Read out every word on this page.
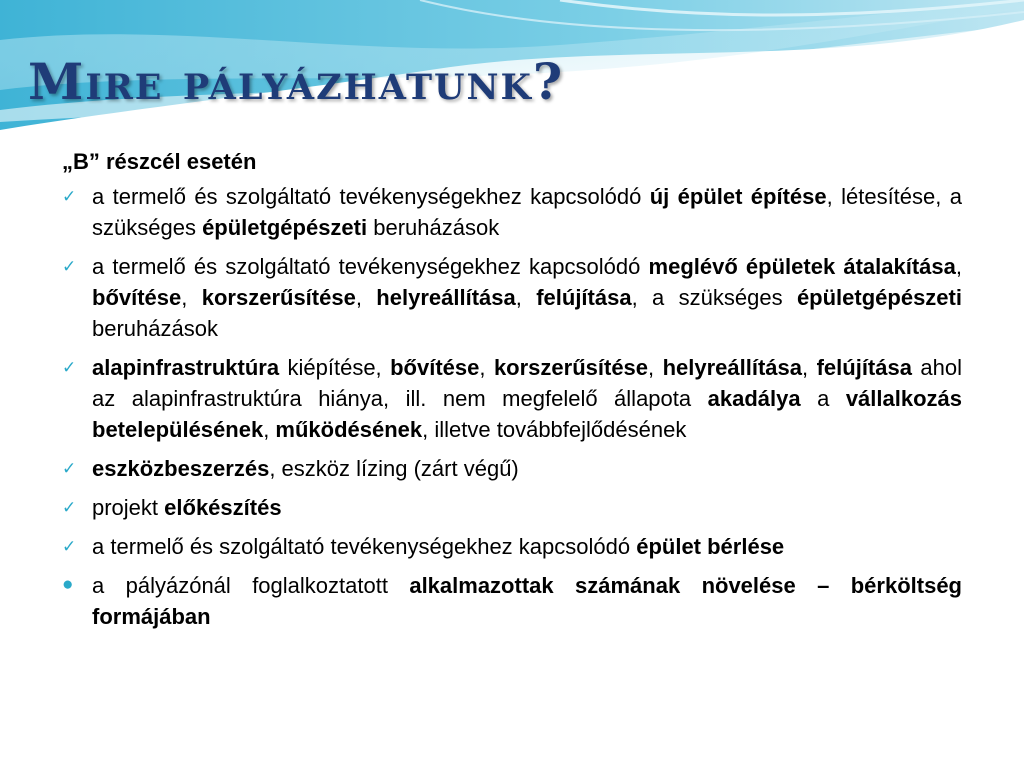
Mire pályázhatunk?
„B” részcél esetén
✓ a termelő és szolgáltató tevékenységekhez kapcsolódó új épület építése, létesítése, a szükséges épületgépészeti beruházások
✓ a termelő és szolgáltató tevékenységekhez kapcsolódó meglévő épületek átalakítása, bővítése, korszerűsítése, helyreállítása, felújítása, a szükséges épületgépészeti beruházások
✓ alapinfrastruktúra kiépítése, bővítése, korszerűsítése, helyreállítása, felújítása ahol az alapinfrastruktúra hiánya, ill. nem megfelelő állapota akadálya a vállalkozás betelepülésének, működésének, illetve továbbfejlődésének
✓ eszközbeszerzés, eszköz lízing (zárt végű)
✓ projekt előkészítés
✓ a termelő és szolgáltató tevékenységekhez kapcsolódó épület bérlése
● a pályázónál foglalkoztatott alkalmazottak számának növelése – bérköltség formájában
